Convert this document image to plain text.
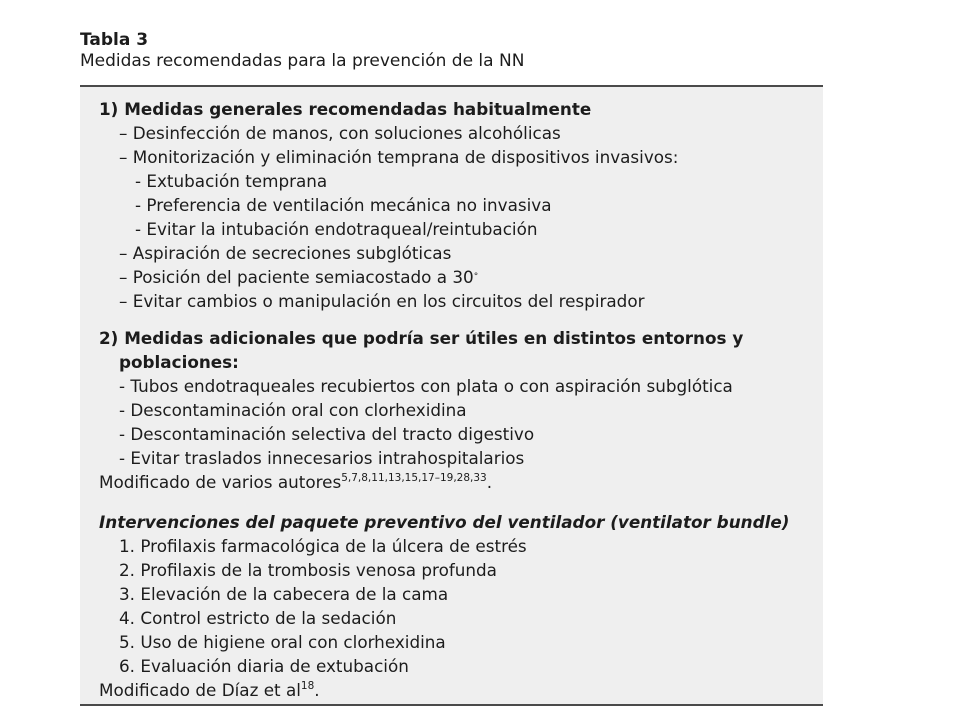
Tabla 3
Medidas recomendadas para la prevención de la NN
1) Medidas generales recomendadas habitualmente
– Desinfección de manos, con soluciones alcohólicas
– Monitorización y eliminación temprana de dispositivos invasivos:
- Extubación temprana
- Preferencia de ventilación mecánica no invasiva
- Evitar la intubación endotraqueal/reintubación
– Aspiración de secreciones subglóticas
– Posición del paciente semiacostado a 30°
– Evitar cambios o manipulación en los circuitos del respirador
2) Medidas adicionales que podría ser útiles en distintos entornos y
poblaciones:
- Tubos endotraqueales recubiertos con plata o con aspiración subglótica
- Descontaminación oral con clorhexidina
- Descontaminación selectiva del tracto digestivo
- Evitar traslados innecesarios intrahospitalarios
Modificado de varios autores$^{5,7,8,11,13,15,17-19,28,33}$.
Intervenciones del paquete preventivo del ventilador (ventilator bundle)
1. Profilaxis farmacológica de la úlcera de estrés
2. Profilaxis de la trombosis venosa profunda
3. Elevación de la cabecera de la cama
4. Control estricto de la sedación
5. Uso de higiene oral con clorhexidina
6. Evaluación diaria de extubación
Modificado de Díaz et $al^{18}$.
